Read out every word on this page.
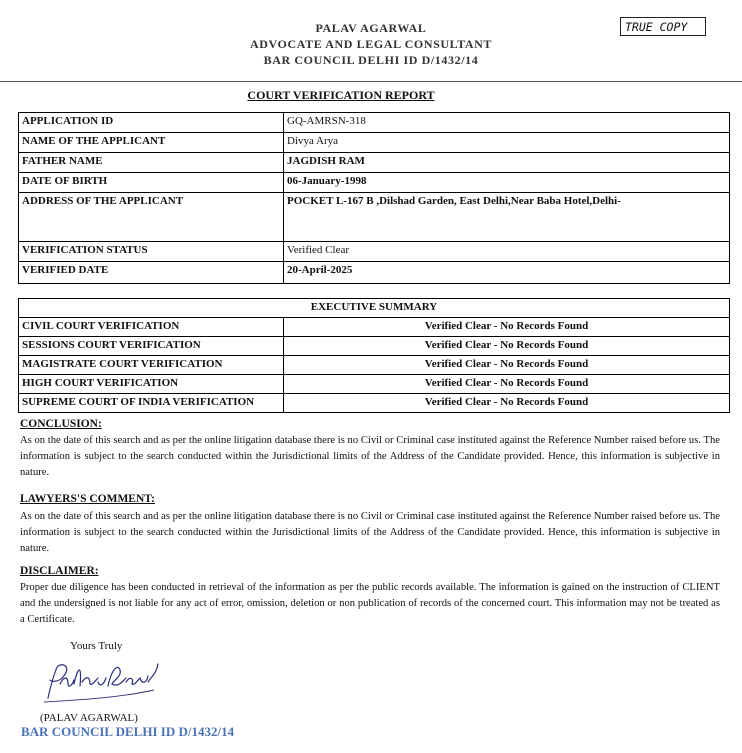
PALAV AGARWAL
ADVOCATE AND LEGAL CONSULTANT
BAR COUNCIL DELHI ID D/1432/14
TRUE COPY
COURT VERIFICATION REPORT
APPLICATION ID	GQ-AMRSN-318
NAME OF THE APPLICANT	Divya Arya
FATHER NAME	JAGDISH RAM
DATE OF BIRTH	06-January-1998
ADDRESS OF THE APPLICANT	POCKET L-167 B ,Dilshad Garden, East Delhi,Near Baba Hotel,Delhi-
VERIFICATION STATUS	Verified Clear
VERIFIED DATE	20-April-2025
EXECUTIVE SUMMARY	
CIVIL COURT VERIFICATION	Verified Clear - No Records Found
SESSIONS COURT VERIFICATION	Verified Clear - No Records Found
MAGISTRATE COURT VERIFICATION	Verified Clear - No Records Found
HIGH COURT VERIFICATION	Verified Clear - No Records Found
SUPREME COURT OF INDIA VERIFICATION	Verified Clear - No Records Found
CONCLUSION:
As on the date of this search and as per the online litigation database there is no Civil or Criminal case instituted against the Reference Number raised before us. The information is subject to the search conducted within the Jurisdictional limits of the Address of the Candidate provided. Hence, this information is subjective in nature.
LAWYERS'S COMMENT:
As on the date of this search and as per the online litigation database there is no Civil or Criminal case instituted against the Reference Number raised before us. The information is subject to the search conducted within the Jurisdictional limits of the Address of the Candidate provided. Hence, this information is subjective in nature.
DISCLAIMER:
Proper due diligence has been conducted in retrieval of the information as per the public records available. The information is gained on the instruction of CLIENT and the undersigned is not liable for any act of error, omission, deletion or non publication of records of the concerned court. This information may not be treated as a Certificate.
Yours Truly
(PALAV AGARWAL)
BAR COUNCIL DELHI ID D/1432/14
